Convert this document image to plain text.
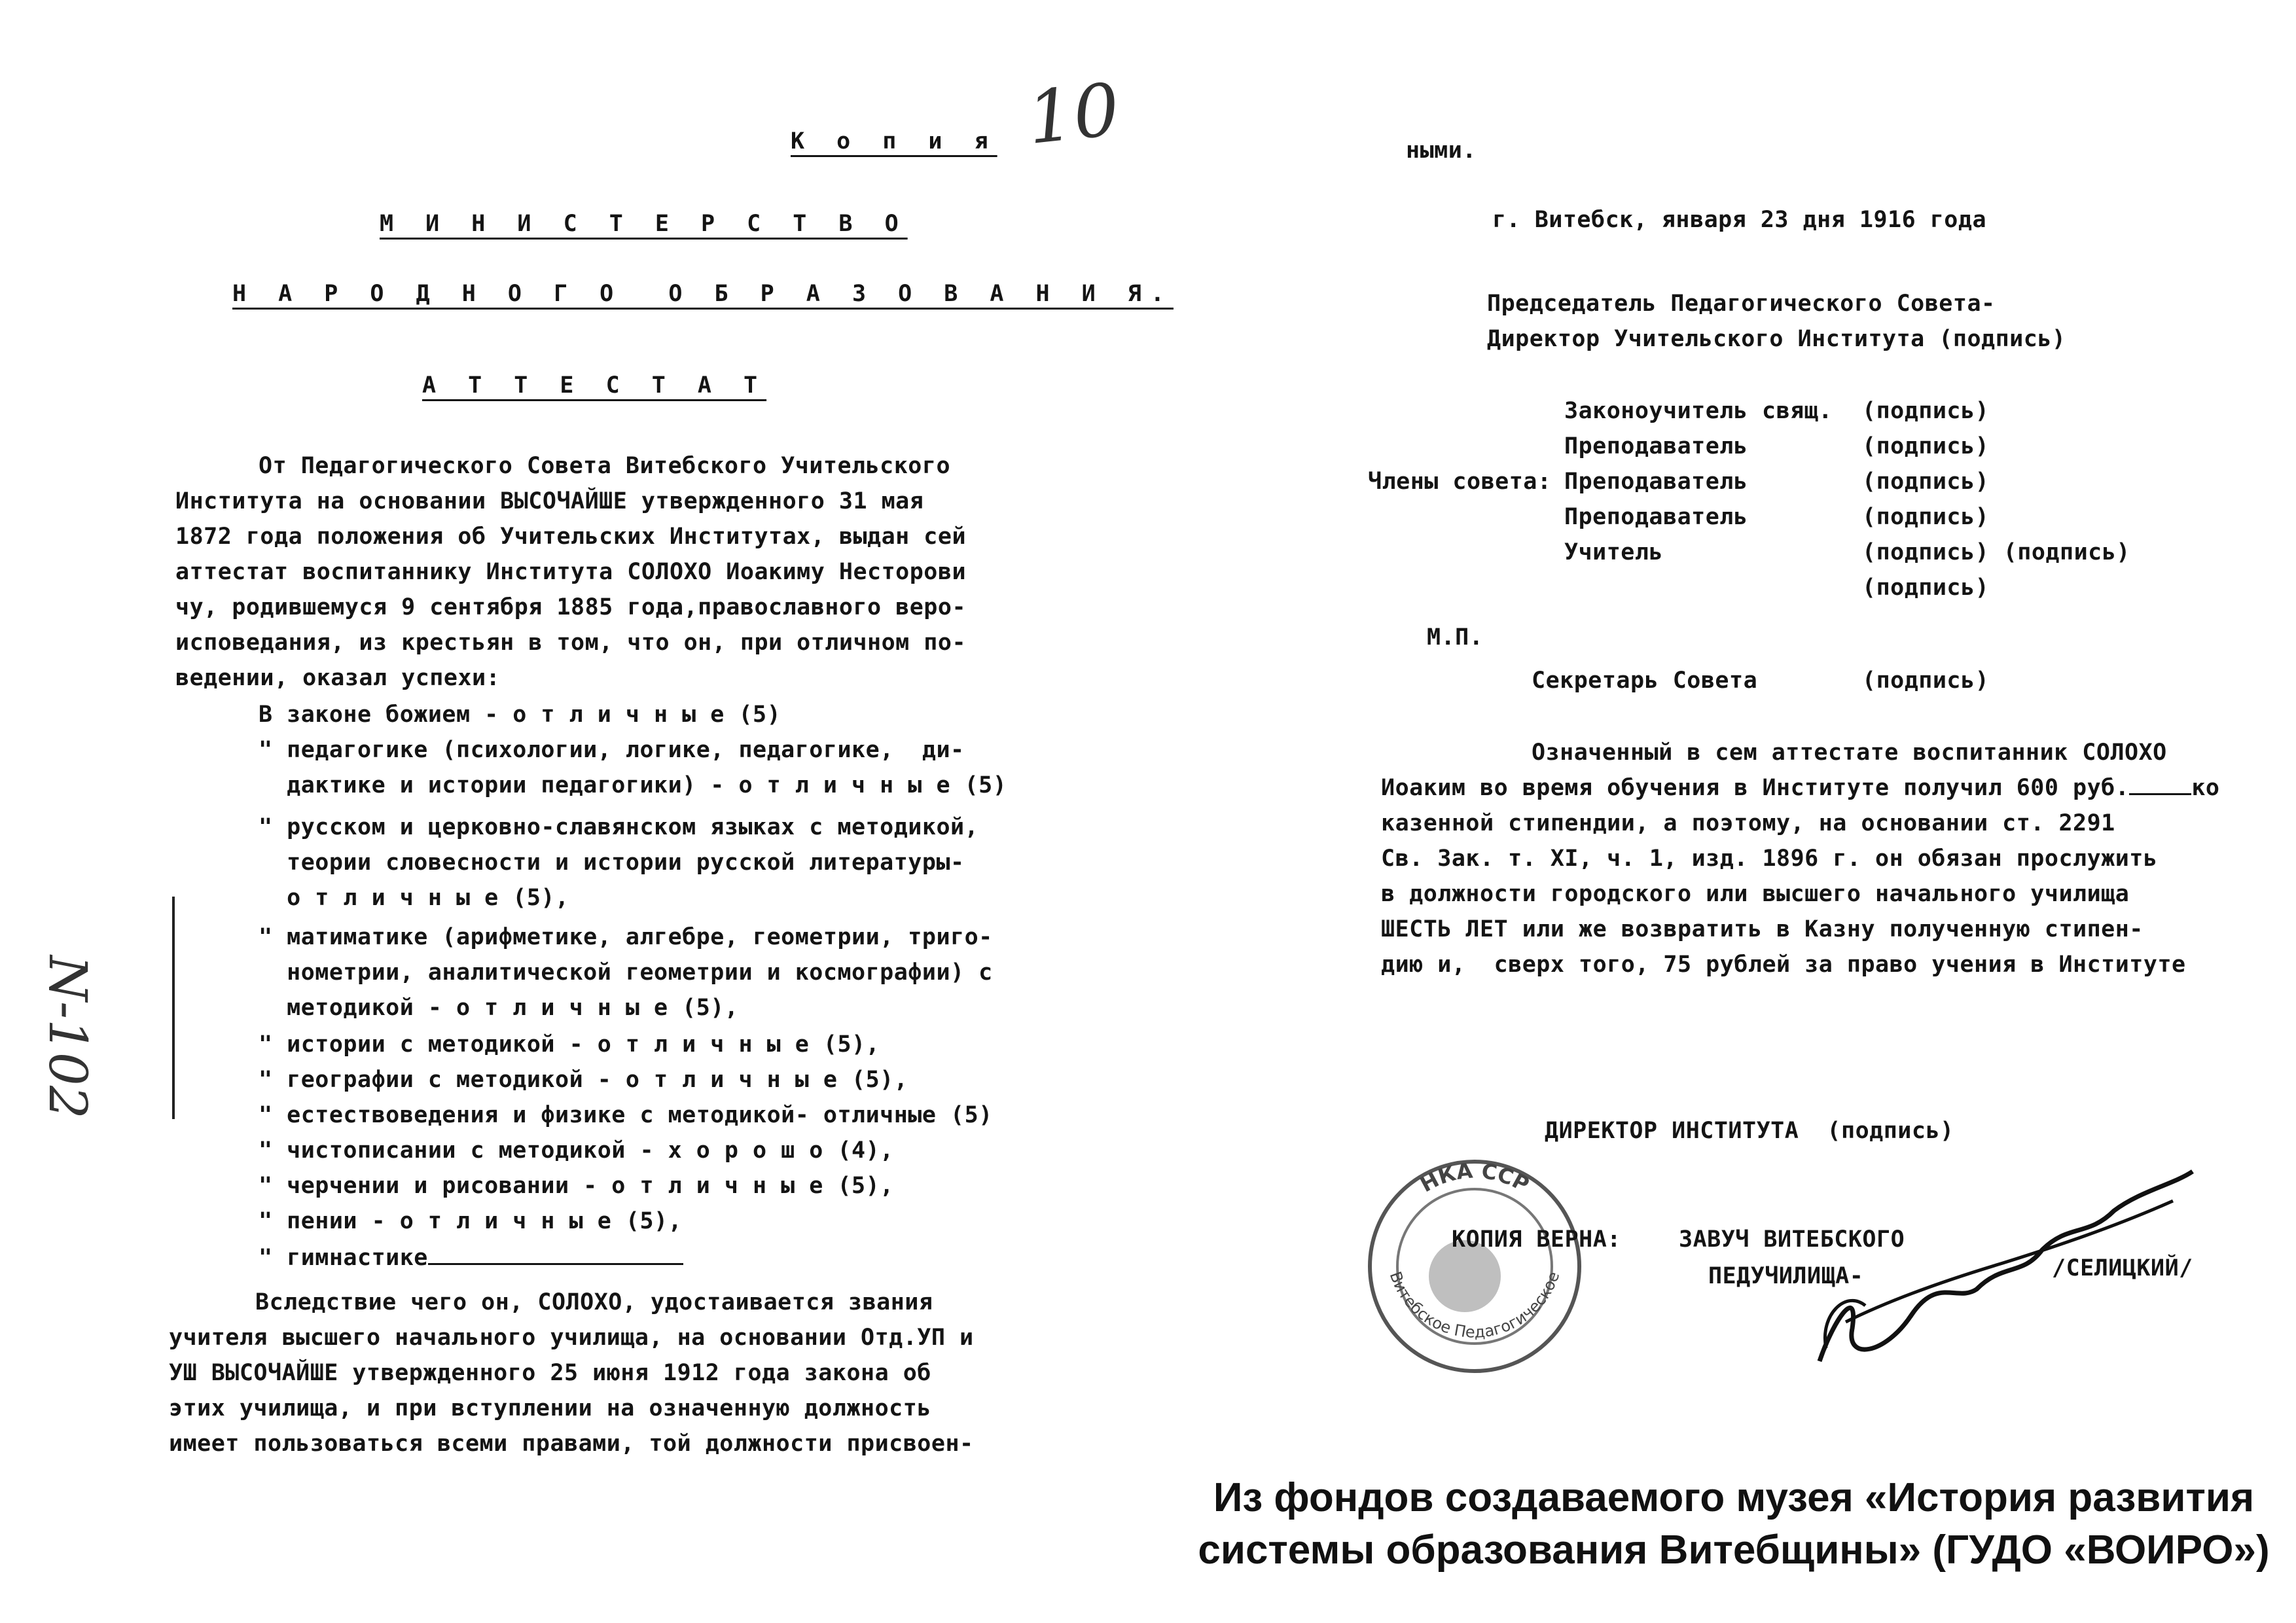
К о п и я 10
М И Н И С Т Е Р С Т В О
Н А Р О Д Н О Г О  О Б Р А З О В А Н И Я.
А Т Т Е С Т А Т
От Педагогического Совета Витебского Учительского
Института на основании ВЫСОЧАЙШЕ утвержденного 31 мая
1872 года положения об Учительских Институтах, выдан сей
аттестат воспитаннику Института СОЛОХО Иоакиму Несторови
чу, родившемуся 9 сентября 1885 года,православного веро-
исповедания, из крестьян в том, что он, при отличном по-
ведении, оказал успехи:
В законе божием - о т л и ч н ы е (5)
" педагогике (психологии, логике, педагогике,  ди-
дактике и истории педагогики) - о т л и ч н ы е (5)
" русском и церковно-славянском языках с методикой,
теории словесности и истории русской литературы-
о т л и ч н ы е (5),
" матиматике (арифметике, алгебре, геометрии, триго-
нометрии, аналитической геометрии и космографии) с
методикой - о т л и ч н ы е (5),
" истории с методикой - о т л и ч н ы е (5),
" географии с методикой - о т л и ч н ы е (5),
" естествоведения и физике с методикой- отличные (5)
" чистописании с методикой - х о р о ш о (4),
" черчении и рисовании - о т л и ч н ы е (5),
" пении - о т л и ч н ы е (5),
" гимнастике
Вследствие чего он, СОЛОХО, удостаивается звания
учителя высшего начального училища, на основании Отд.УП и
УШ ВЫСОЧАЙШЕ утвержденного 25 июня 1912 года закона об
этих училища, и при вступлении на означенную должность
имеет пользоваться всеми правами, той должности присвоен-
N-102
ными.
г. Витебск, января 23 дня 1916 года
Председатель Педагогического Совета-
Директор Учительского Института (подпись)
Законоучитель свящ. (подпись)
Преподаватель	(подпись)
Члены совета: Преподаватель	(подпись)
Преподаватель	(подпись)
Учитель	(подпись) (подпись)
(подпись)
М.П.
Секретарь Совета	(подпись)
Означенный в сем аттестате воспитанник СОЛОХО
Иоаким во время обучения в Институте получил 600 руб.	ко
казенной стипендии, а поэтому, на основании ст. 2291
Св. Зак. т. XI, ч. 1, изд. 1896 г. он обязан прослужить
в должности городского или высшего начального училища
ШЕСТЬ ЛЕТ или же возвратить в Казну полученную стипен-
дию и,  сверх того, 75 рублей за право учения в Институте
ДИРЕКТОР ИНСТИТУТА  (подпись)
НКА ССР
Витебское Педагогическое
КОПИЯ ВЕРНА:	ЗАВУЧ ВИТЕБСКОГО
ПЕДУЧИЛИЩА-	/СЕЛИЦКИЙ/
Из фондов создаваемого музея «История развития
системы образования Витебщины» (ГУДО «ВОИРО»)
